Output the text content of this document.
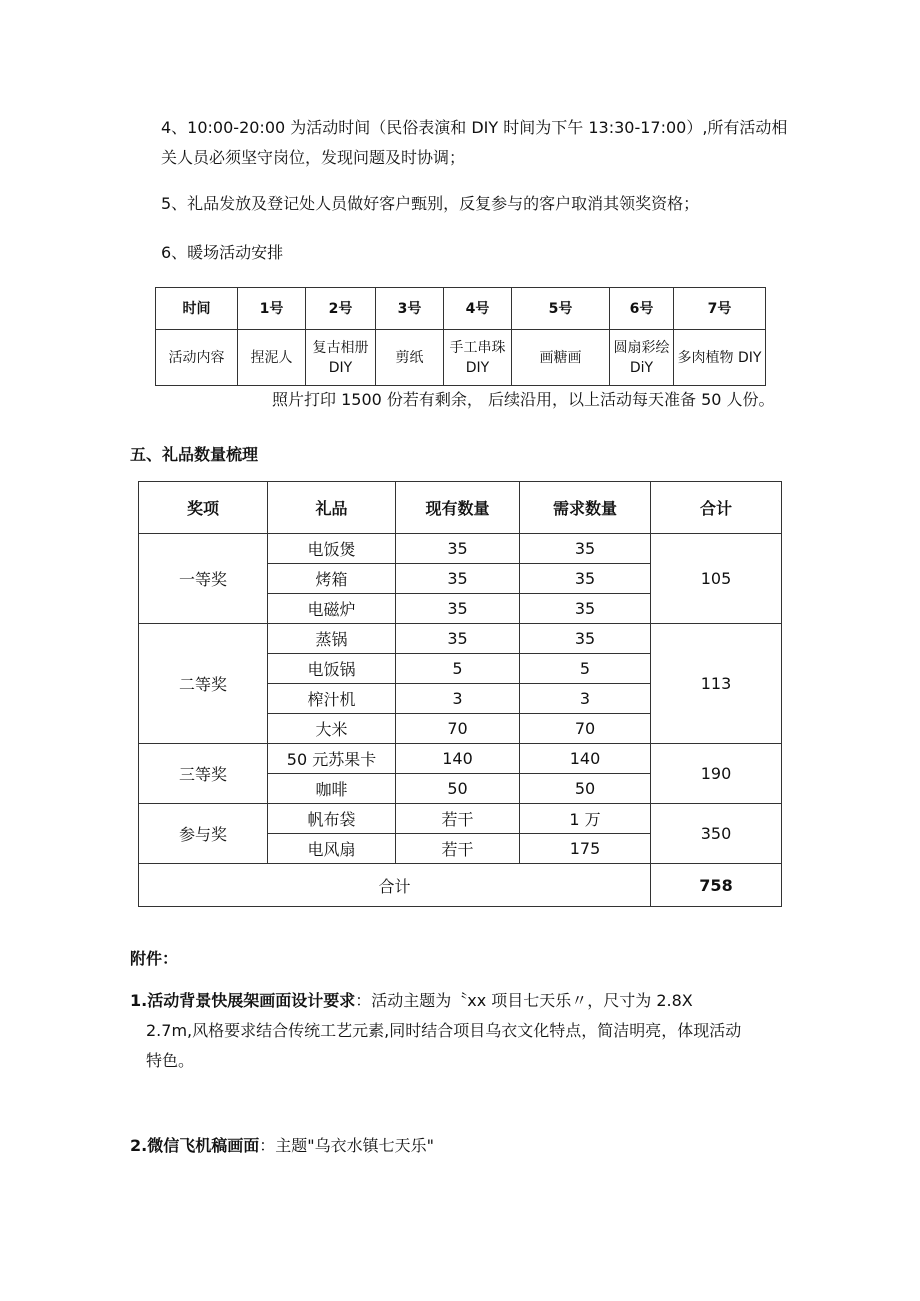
4、10:00-20:00 为活动时间（民俗表演和 DIY 时间为下午 13:30-17:00）,所有活动相
关人员必须坚守岗位，发现问题及时协调；
5、礼品发放及登记处人员做好客户甄别，反复参与的客户取消其领奖资格；
6、暖场活动安排
时间	1号	2号	3号	4号	5号	6号	7号
活动内容	捏泥人	复古相册 DIY	剪纸	手工串珠 DIY	画糖画	圆扇彩绘 DiY	多肉植物 DIY
照片打印 1500 份若有剩余， 后续沿用，以上活动每天准备 50 人份。
五、礼品数量梳理
奖项	礼品	现有数量	需求数量	合计
一等奖	电饭煲	35	35	105
	烤箱	35	35	
	电磁炉	35	35	
二等奖	蒸锅	35	35	113
	电饭锅	5	5	
	榨汁机	3	3	
	大米	70	70	
三等奖	50 元苏果卡	140	140	190
	咖啡	50	50	
参与奖	帆布袋	若干	1 万	350
	电风扇	若干	175	
合计				758
附件：
1.活动背景快展架画面设计要求：活动主题为〝xx 项目七天乐〃，尺寸为 2.8X
2.7m,风格要求结合传统工艺元素,同时结合项目乌衣文化特点，简洁明亮，体现活动
特色。
2.微信飞机稿画面：主题"乌衣水镇七天乐"
